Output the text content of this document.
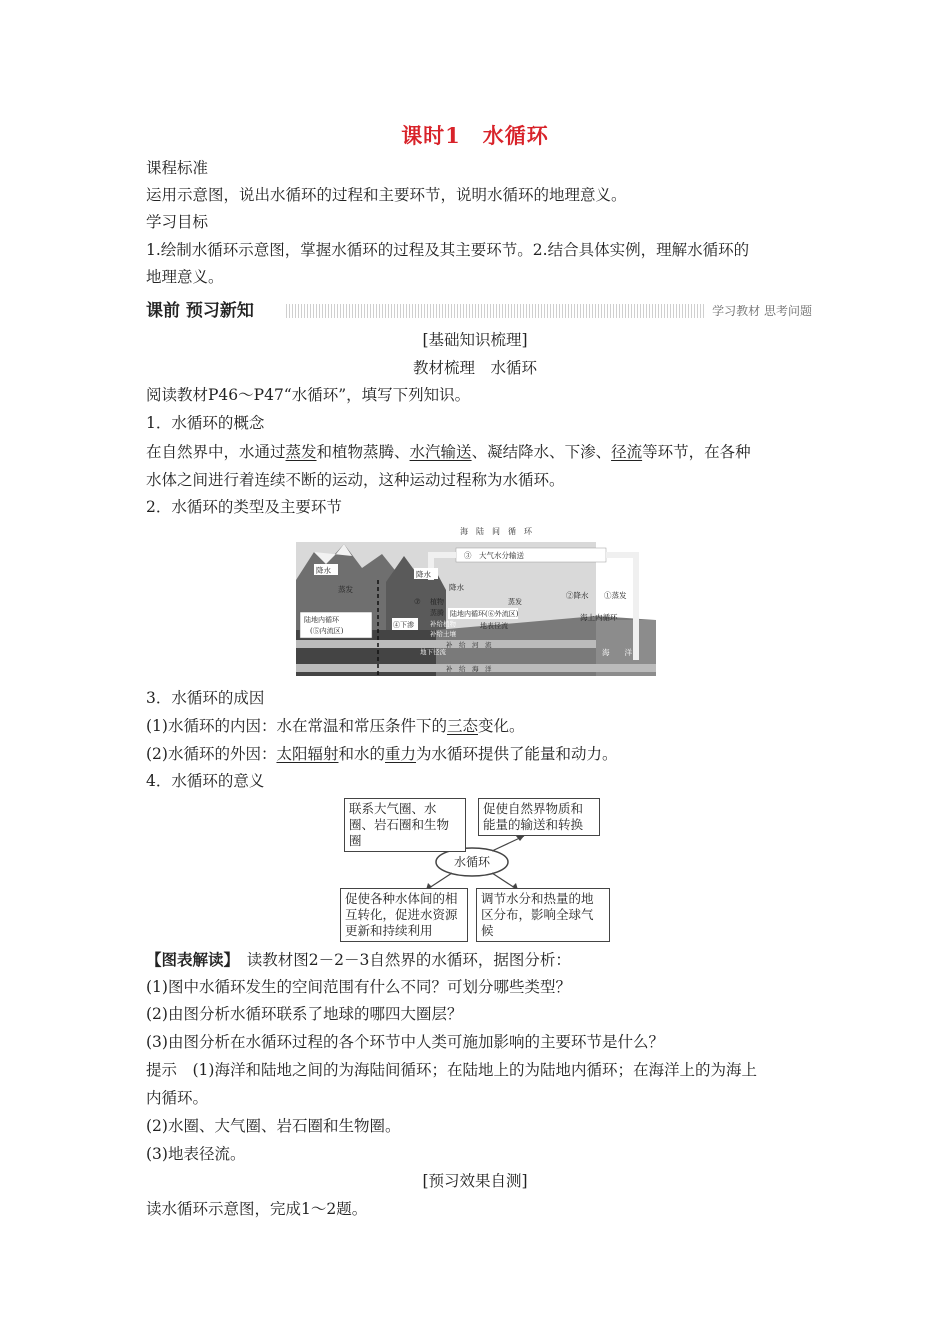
课时1　水循环
课程标准
运用示意图，说出水循环的过程和主要环节，说明水循环的地理意义。
学习目标
1.绘制水循环示意图，掌握水循环的过程及其主要环节。2.结合具体实例，理解水循环的
地理意义。
课前 预习新知	学习教材 思考问题
[基础知识梳理]
教材梳理　水循环
阅读教材P46～P47“水循环”，填写下列知识。
1．水循环的概念
在自然界中，水通过蒸发和植物蒸腾、水汽输送、凝结降水、下渗、径流等环节，在各种
水体之间进行着连续不断的运动，这种运动过程称为水循环。
2．水循环的类型及主要环节
海　陆　间　循　环
③　大气水分输送
降水
蒸发
降水
降水
⑦ 植物
蒸腾
蒸发
陆地内循环
(⑤内流区)
陆地内循环(⑥外流区)
地表径流
④下渗 补给植物
补给土壤
地下径流
补　给　河　流
补　给　海　洋
海　　洋
海上内循环
②降水 ①蒸发
3．水循环的成因
(1)水循环的内因：水在常温和常压条件下的三态变化。
(2)水循环的外因：太阳辐射和水的重力为水循环提供了能量和动力。
4．水循环的意义
水循环
联系大气圈、水圈、岩石圈和生物圈
促使自然界物质和能量的输送和转换
促使各种水体间的相互转化，促进水资源更新和持续利用
调节水分和热量的地区分布，影响全球气候
【图表解读】　读教材图2－2－3自然界的水循环，据图分析：
(1)图中水循环发生的空间范围有什么不同？可划分哪些类型？
(2)由图分析水循环联系了地球的哪四大圈层？
(3)由图分析在水循环过程的各个环节中人类可施加影响的主要环节是什么？
提示　(1)海洋和陆地之间的为海陆间循环；在陆地上的为陆地内循环；在海洋上的为海上
内循环。
(2)水圈、大气圈、岩石圈和生物圈。
(3)地表径流。
[预习效果自测]
读水循环示意图，完成1～2题。
